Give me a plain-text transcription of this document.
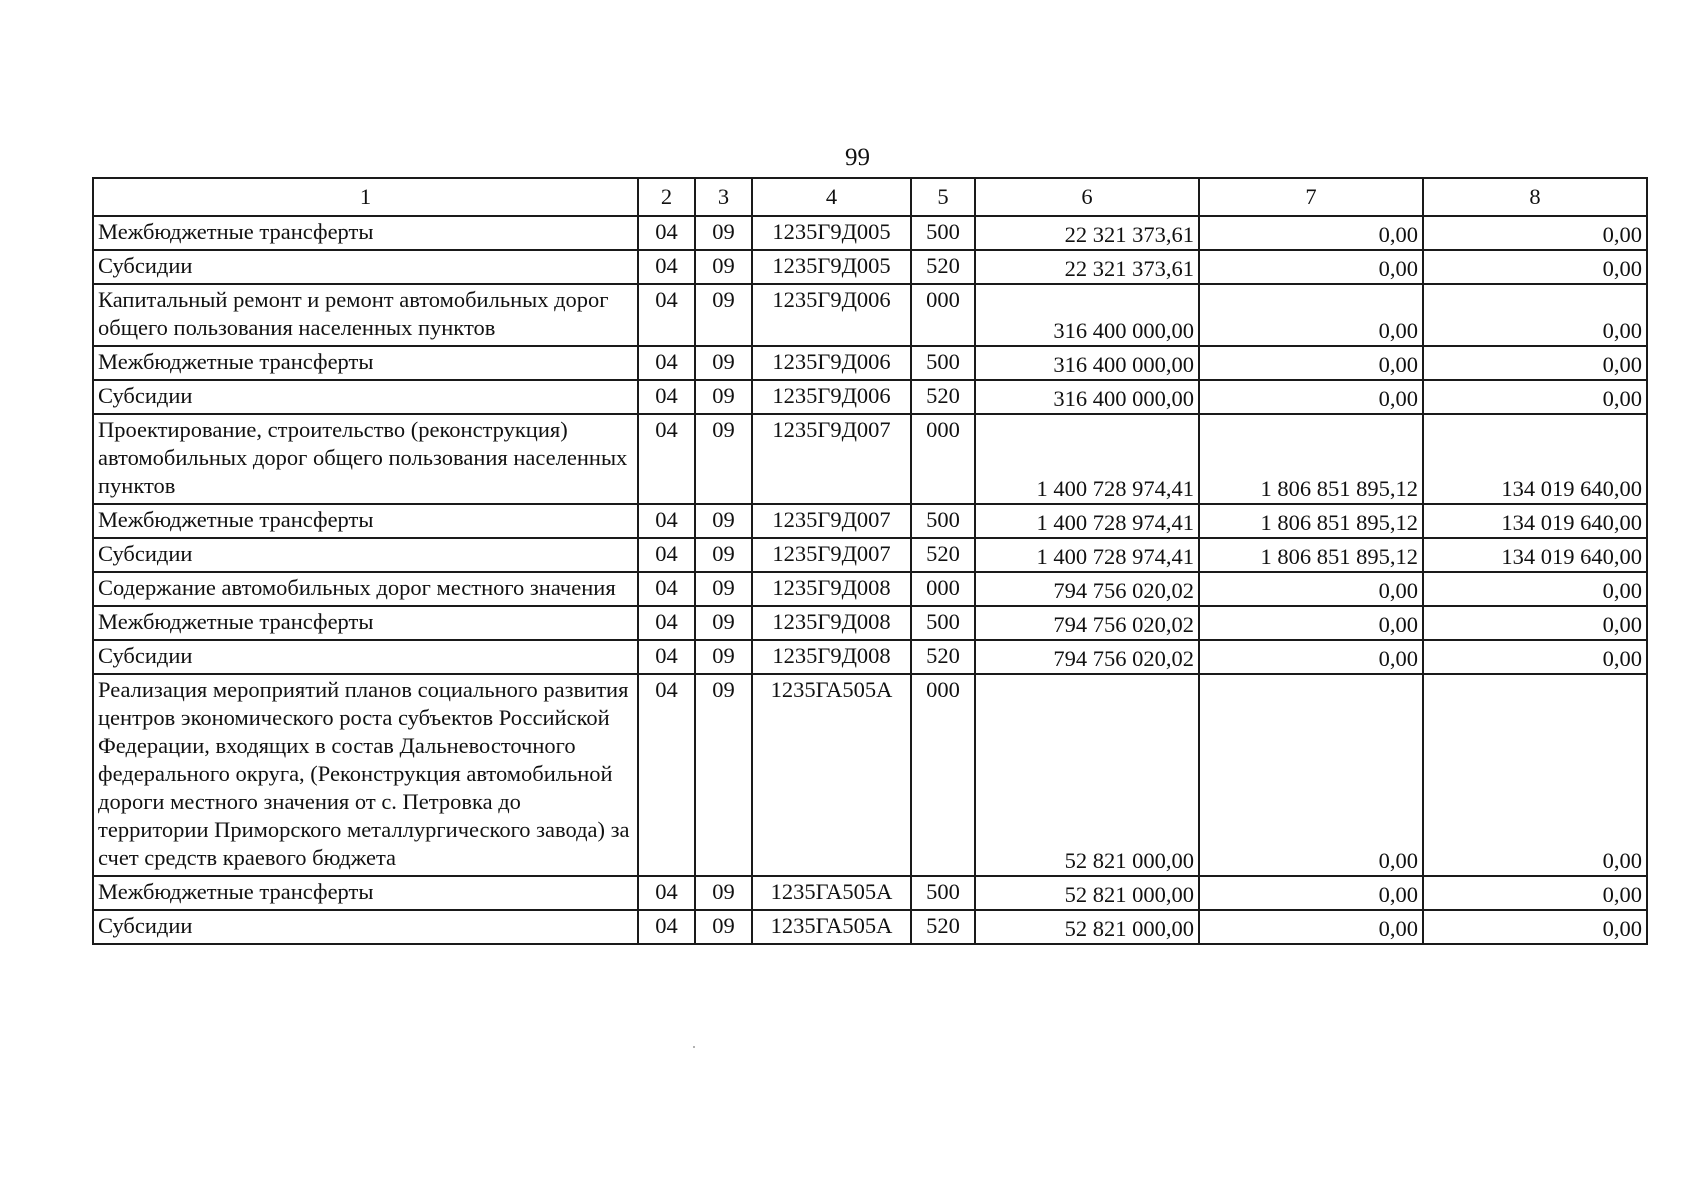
99
1	2	3	4	5	6	7	8
Межбюджетные трансферты	04	09	1235Г9Д005	500	22 321 373,61	0,00	0,00
Субсидии	04	09	1235Г9Д005	520	22 321 373,61	0,00	0,00
Капитальный ремонт и ремонт автомобильных дорог общего пользования населенных пунктов	04	09	1235Г9Д006	000	316 400 000,00	0,00	0,00
Межбюджетные трансферты	04	09	1235Г9Д006	500	316 400 000,00	0,00	0,00
Субсидии	04	09	1235Г9Д006	520	316 400 000,00	0,00	0,00
Проектирование, строительство (реконструкция) автомобильных дорог общего пользования населенных пунктов	04	09	1235Г9Д007	000	1 400 728 974,41	1 806 851 895,12	134 019 640,00
Межбюджетные трансферты	04	09	1235Г9Д007	500	1 400 728 974,41	1 806 851 895,12	134 019 640,00
Субсидии	04	09	1235Г9Д007	520	1 400 728 974,41	1 806 851 895,12	134 019 640,00
Содержание автомобильных дорог местного значения	04	09	1235Г9Д008	000	794 756 020,02	0,00	0,00
Межбюджетные трансферты	04	09	1235Г9Д008	500	794 756 020,02	0,00	0,00
Субсидии	04	09	1235Г9Д008	520	794 756 020,02	0,00	0,00
Реализация мероприятий планов социального развития центров экономического роста субъектов Российской Федерации, входящих в состав Дальневосточного федерального округа, (Реконструкция автомобильной дороги местного значения от с. Петровка до территории Приморского металлургического завода) за счет средств краевого бюджета	04	09	1235ГА505А	000	52 821 000,00	0,00	0,00
Межбюджетные трансферты	04	09	1235ГА505А	500	52 821 000,00	0,00	0,00
Субсидии	04	09	1235ГА505А	520	52 821 000,00	0,00	0,00
